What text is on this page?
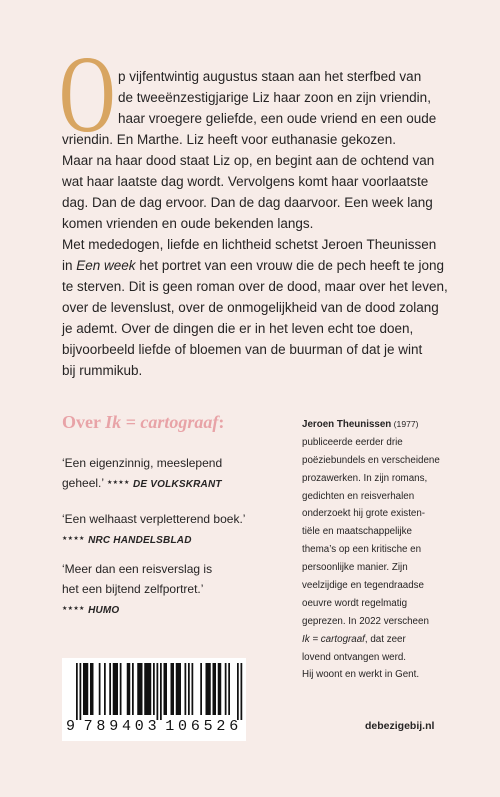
O p vijfentwintig augustus staan aan het sterfbed van
de tweeënzestigjarige Liz haar zoon en zijn vriendin,
haar vroegere geliefde, een oude vriend en een oude
vriendin. En Marthe. Liz heeft voor euthanasie gekozen.
Maar na haar dood staat Liz op, en begint aan de ochtend van
wat haar laatste dag wordt. Vervolgens komt haar voorlaatste
dag. Dan de dag ervoor. Dan de dag daarvoor. Een week lang
komen vrienden en oude bekenden langs.
Met mededogen, liefde en lichtheid schetst Jeroen Theunissen
in Een week het portret van een vrouw die de pech heeft te jong
te sterven. Dit is geen roman over de dood, maar over het leven,
over de levenslust, over de onmogelijkheid van de dood zolang
je ademt. Over de dingen die er in het leven echt toe doen,
bijvoorbeeld liefde of bloemen van de buurman of dat je wint
bij rummikub.
Over Ik = cartograaf:
‘Een eigenzinnig, meeslepend
geheel.’ ★★★★ DE VOLKSKRANT
‘Een welhaast verpletterend boek.’
★★★★ NRC HANDELSBLAD
‘Meer dan een reisverslag is
het een bijtend zelfportret.’
★★★★ HUMO
Jeroen Theunissen (1977)
publiceerde eerder drie
poëziebundels en verscheidene
prozawerken. In zijn romans,
gedichten en reisverhalen
onderzoekt hij grote existen-
tiële en maatschappelijke
thema’s op een kritische en
persoonlijke manier. Zijn
veelzijdige en tegendraadse
oeuvre wordt regelmatig
geprezen. In 2022 verscheen
Ik = cartograaf, dat zeer
lovend ontvangen werd.
Hij woont en werkt in Gent.
9 789403 106526	debezigebij.nl
